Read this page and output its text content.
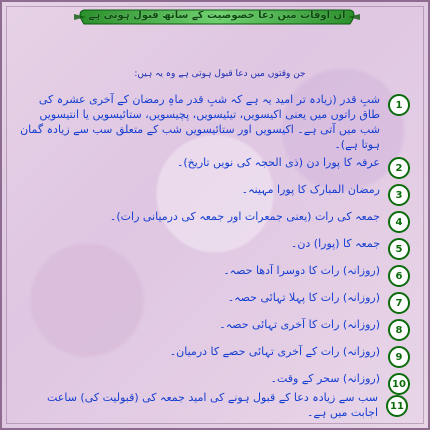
ان اوقات میں دعا خصوصیت کے ساتھ قبول ہوتی ہے
جن وقتوں میں دعا قبول ہوتی ہے وہ یہ ہیں:
1
شبِ قدر (زیادہ تر امید یہ ہے کہ شبِ قدر ماہِ رمضان کے آخری عشرہ کی طاق راتوں میں یعنی اکیسویں، تیئیسویں، پچیسویں، ستائیسویں یا انتیسویں شب میں آتی ہے۔ اکیسویں اور ستائیسویں شب کے متعلق سب سے زیادہ گمان ہوتا ہے)۔
2
عرفہ کا پورا دن (ذی الحجہ کی نویں تاریخ)۔
3
رمضان المبارک کا پورا مہینہ۔
4
جمعہ کی رات (یعنی جمعرات اور جمعہ کی درمیانی رات)۔
5
جمعہ کا (پورا) دن۔
6
(روزانہ) رات کا دوسرا آدھا حصہ۔
7
(روزانہ) رات کا پہلا تہائی حصہ۔
8
(روزانہ) رات کا آخری تہائی حصہ۔
9
(روزانہ) رات کے آخری تہائی حصے کا درمیان۔
10
(روزانہ) سحر کے وقت۔
11
سب سے زیادہ دعا کے قبول ہونے کی امید جمعہ کی (قبولیت کی) ساعت اجابت میں ہے۔
